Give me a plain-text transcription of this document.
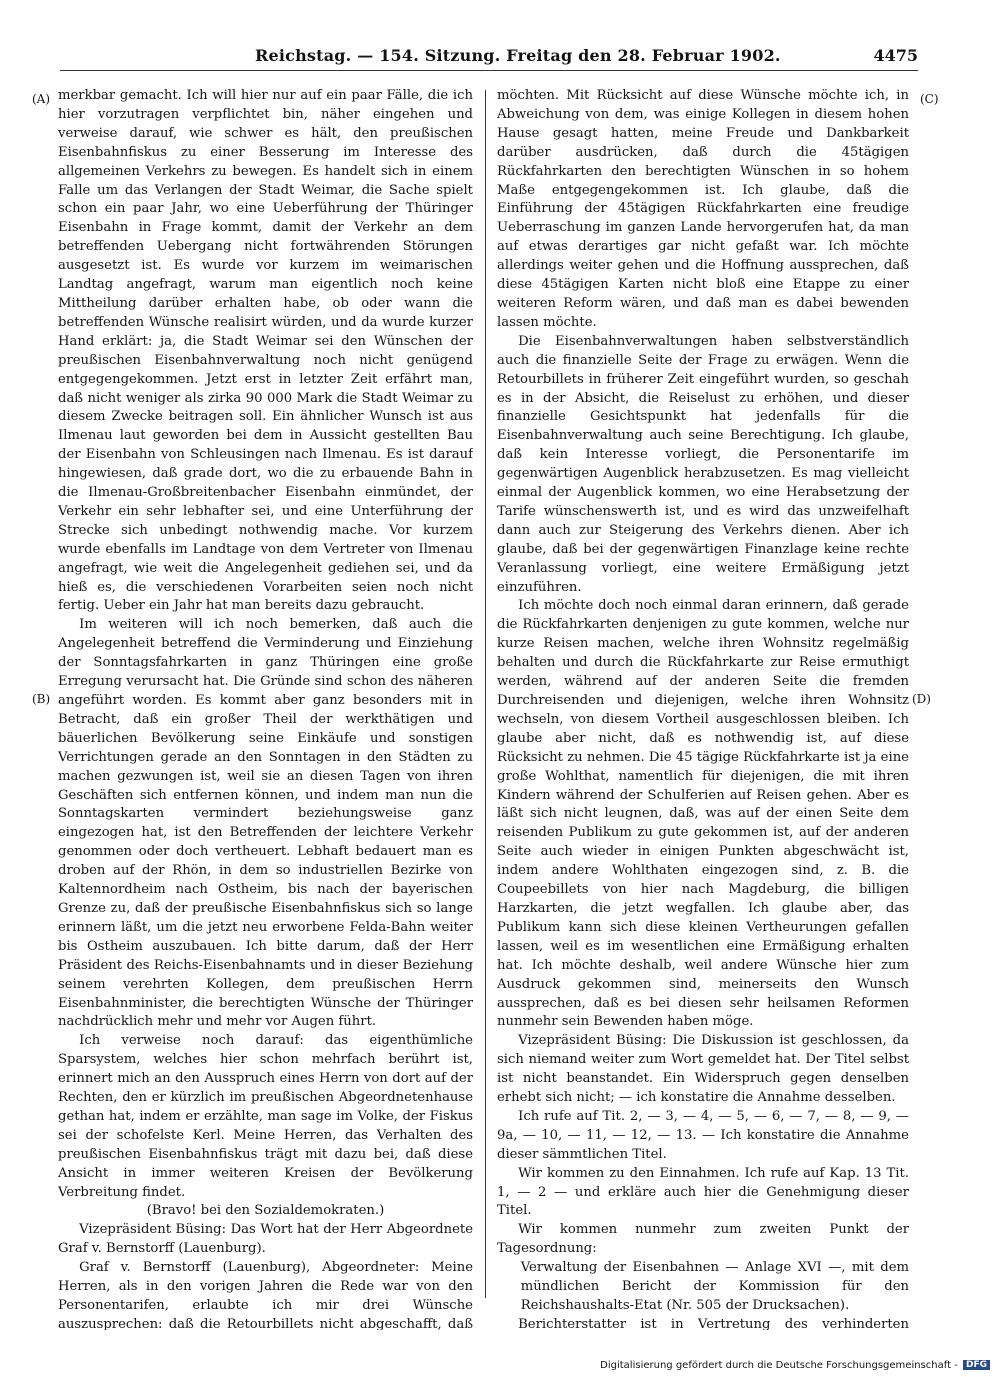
Reichstag. — 154. Sitzung. Freitag den 28. Februar 1902.	4475
(A)
(B)
(C)
(D)

merkbar gemacht. Ich will hier nur auf ein paar Fälle, die ich hier vorzutragen verpflichtet bin, näher eingehen und verweise darauf, wie schwer es hält, den preußischen Eisenbahnfiskus zu einer Besserung im Interesse des allgemeinen Verkehrs zu bewegen. Es handelt sich in einem Falle um das Verlangen der Stadt Weimar, die Sache spielt schon ein paar Jahr, wo eine Ueberführung der Thüringer Eisenbahn in Frage kommt, damit der Verkehr an dem betreffenden Uebergang nicht fortwährenden Störungen ausgesetzt ist. Es wurde vor kurzem im weimarischen Landtag angefragt, warum man eigentlich noch keine Mittheilung darüber erhalten habe, ob oder wann die betreffenden Wünsche realisirt würden, und da wurde kurzer Hand erklärt: ja, die Stadt Weimar sei den Wünschen der preußischen Eisenbahnverwaltung noch nicht genügend entgegengekommen. Jetzt erst in letzter Zeit erfährt man, daß nicht weniger als zirka 90 000 Mark die Stadt Weimar zu diesem Zwecke beitragen soll. Ein ähnlicher Wunsch ist aus Ilmenau laut geworden bei dem in Aussicht gestellten Bau der Eisenbahn von Schleusingen nach Ilmenau. Es ist darauf hingewiesen, daß grade dort, wo die zu erbauende Bahn in die Ilmenau-Großbreitenbacher Eisenbahn einmündet, der Verkehr ein sehr lebhafter sei, und eine Unterführung der Strecke sich unbedingt nothwendig mache. Vor kurzem wurde ebenfalls im Landtage von dem Vertreter von Ilmenau angefragt, wie weit die Angelegenheit gediehen sei, und da hieß es, die verschiedenen Vorarbeiten seien noch nicht fertig. Ueber ein Jahr hat man bereits dazu gebraucht.

Im weiteren will ich noch bemerken, daß auch die Angelegenheit betreffend die Verminderung und Einziehung der Sonntagsfahrkarten in ganz Thüringen eine große Erregung verursacht hat. Die Gründe sind schon des näheren angeführt worden. Es kommt aber ganz besonders mit in Betracht, daß ein großer Theil der werkthätigen und bäuerlichen Bevölkerung seine Einkäufe und sonstigen Verrichtungen gerade an den Sonntagen in den Städten zu machen gezwungen ist, weil sie an diesen Tagen von ihren Geschäften sich entfernen können, und indem man nun die Sonntagskarten vermindert beziehungsweise ganz eingezogen hat, ist den Betreffenden der leichtere Verkehr genommen oder doch vertheuert. Lebhaft bedauert man es droben auf der Rhön, in dem so industriellen Bezirke von Kaltennordheim nach Ostheim, bis nach der bayerischen Grenze zu, daß der preußische Eisenbahnfiskus sich so lange erinnern läßt, um die jetzt neu erworbene Felda-Bahn weiter bis Ostheim auszubauen. Ich bitte darum, daß der Herr Präsident des Reichs-Eisenbahnamts und in dieser Beziehung seinem verehrten Kollegen, dem preußischen Herrn Eisenbahnminister, die berechtigten Wünsche der Thüringer nachdrücklich mehr und mehr vor Augen führt.

Ich verweise noch darauf: das eigenthümliche Sparsystem, welches hier schon mehrfach berührt ist, erinnert mich an den Ausspruch eines Herrn von dort auf der Rechten, den er kürzlich im preußischen Abgeordnetenhause gethan hat, indem er erzählte, man sage im Volke, der Fiskus sei der schofelste Kerl. Meine Herren, das Verhalten des preußischen Eisenbahnfiskus trägt mit dazu bei, daß diese Ansicht in immer weiteren Kreisen der Bevölkerung Verbreitung findet.

(Bravo! bei den Sozialdemokraten.)

Vizepräsident Büsing: Das Wort hat der Herr Abgeordnete Graf v. Bernstorff (Lauenburg).

Graf v. Bernstorff (Lauenburg), Abgeordneter: Meine Herren, als in den vorigen Jahren die Rede war von den Personentarifen, erlaubte ich mir drei Wünsche auszusprechen: daß die Retourbillets nicht abgeschafft, daß

möchten. Mit Rücksicht auf diese Wünsche möchte ich, in Abweichung von dem, was einige Kollegen in diesem hohen Hause gesagt hatten, meine Freude und Dankbarkeit darüber ausdrücken, daß durch die 45tägigen Rückfahrkarten den berechtigten Wünschen in so hohem Maße entgegengekommen ist. Ich glaube, daß die Einführung der 45tägigen Rückfahrkarten eine freudige Ueberraschung im ganzen Lande hervorgerufen hat, da man auf etwas derartiges gar nicht gefaßt war. Ich möchte allerdings weiter gehen und die Hoffnung aussprechen, daß diese 45tägigen Karten nicht bloß eine Etappe zu einer weiteren Reform wären, und daß man es dabei bewenden lassen möchte.

Die Eisenbahnverwaltungen haben selbstverständlich auch die finanzielle Seite der Frage zu erwägen. Wenn die Retourbillets in früherer Zeit eingeführt wurden, so geschah es in der Absicht, die Reiselust zu erhöhen, und dieser finanzielle Gesichtspunkt hat jedenfalls für die Eisenbahnverwaltung auch seine Berechtigung. Ich glaube, daß kein Interesse vorliegt, die Personentarife im gegenwärtigen Augenblick herabzusetzen. Es mag vielleicht einmal der Augenblick kommen, wo eine Herabsetzung der Tarife wünschenswerth ist, und es wird das unzweifelhaft dann auch zur Steigerung des Verkehrs dienen. Aber ich glaube, daß bei der gegenwärtigen Finanzlage keine rechte Veranlassung vorliegt, eine weitere Ermäßigung jetzt einzuführen.

Ich möchte doch noch einmal daran erinnern, daß gerade die Rückfahrkarten denjenigen zu gute kommen, welche nur kurze Reisen machen, welche ihren Wohnsitz regelmäßig behalten und durch die Rückfahrkarte zur Reise ermuthigt werden, während auf der anderen Seite die fremden Durchreisenden und diejenigen, welche ihren Wohnsitz wechseln, von diesem Vortheil ausgeschlossen bleiben. Ich glaube aber nicht, daß es nothwendig ist, auf diese Rücksicht zu nehmen. Die 45 tägige Rückfahrkarte ist ja eine große Wohlthat, namentlich für diejenigen, die mit ihren Kindern während der Schulferien auf Reisen gehen. Aber es läßt sich nicht leugnen, daß, was auf der einen Seite dem reisenden Publikum zu gute gekommen ist, auf der anderen Seite auch wieder in einigen Punkten abgeschwächt ist, indem andere Wohlthaten eingezogen sind, z. B. die Coupeebillets von hier nach Magdeburg, die billigen Harzkarten, die jetzt wegfallen. Ich glaube aber, das Publikum kann sich diese kleinen Vertheurungen gefallen lassen, weil es im wesentlichen eine Ermäßigung erhalten hat. Ich möchte deshalb, weil andere Wünsche hier zum Ausdruck gekommen sind, meinerseits den Wunsch aussprechen, daß es bei diesen sehr heilsamen Reformen nunmehr sein Bewenden haben möge.

Vizepräsident Büsing: Die Diskussion ist geschlossen, da sich niemand weiter zum Wort gemeldet hat. Der Titel selbst ist nicht beanstandet. Ein Widerspruch gegen denselben erhebt sich nicht; — ich konstatire die Annahme desselben.

Ich rufe auf Tit. 2, — 3, — 4, — 5, — 6, — 7, — 8, — 9, — 9a, — 10, — 11, — 12, — 13. — Ich konstatire die Annahme dieser sämmtlichen Titel.

Wir kommen zu den Einnahmen. Ich rufe auf Kap. 13 Tit. 1, — 2 — und erkläre auch hier die Genehmigung dieser Titel.

Wir kommen nunmehr zum zweiten Punkt der Tagesordnung:

Verwaltung der Eisenbahnen — Anlage XVI —, mit dem mündlichen Bericht der Kommission für den Reichshaushalts-Etat (Nr. 505 der Drucksachen).

Berichterstatter ist in Vertretung des verhinderten

Digitalisierung gefördert durch die Deutsche Forschungsgemeinschaft - DFG
